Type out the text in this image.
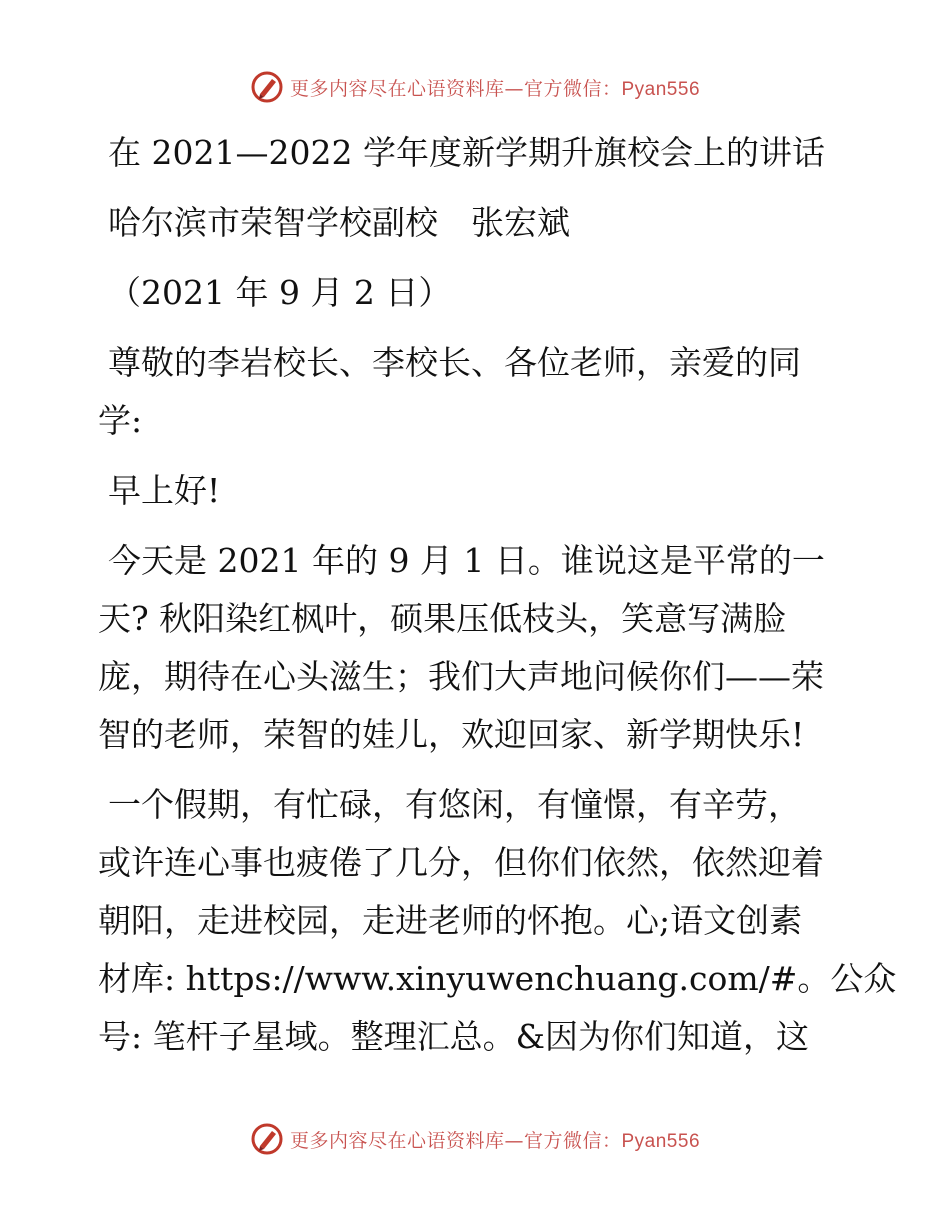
更多内容尽在心语资料库—官方微信：Pyan556
在 2021—2022 学年度新学期升旗校会上的讲话
哈尔滨市荣智学校副校　张宏斌
（2021 年 9 月 2 日）
尊敬的李岩校长、李校长、各位老师，亲爱的同
学:
早上好!
今天是 2021 年的 9 月 1 日。谁说这是平常的一
天? 秋阳染红枫叶，硕果压低枝头，笑意写满脸
庞，期待在心头滋生；我们大声地问候你们——荣
智的老师，荣智的娃儿，欢迎回家、新学期快乐!
一个假期，有忙碌，有悠闲，有憧憬，有辛劳，
或许连心事也疲倦了几分，但你们依然，依然迎着
朝阳，走进校园，走进老师的怀抱。心;语文创素
材库: https://www.xinyuwenchuang.com/#。公众
号: 笔杆子星域。整理汇总。&因为你们知道，这
更多内容尽在心语资料库—官方微信：Pyan556
